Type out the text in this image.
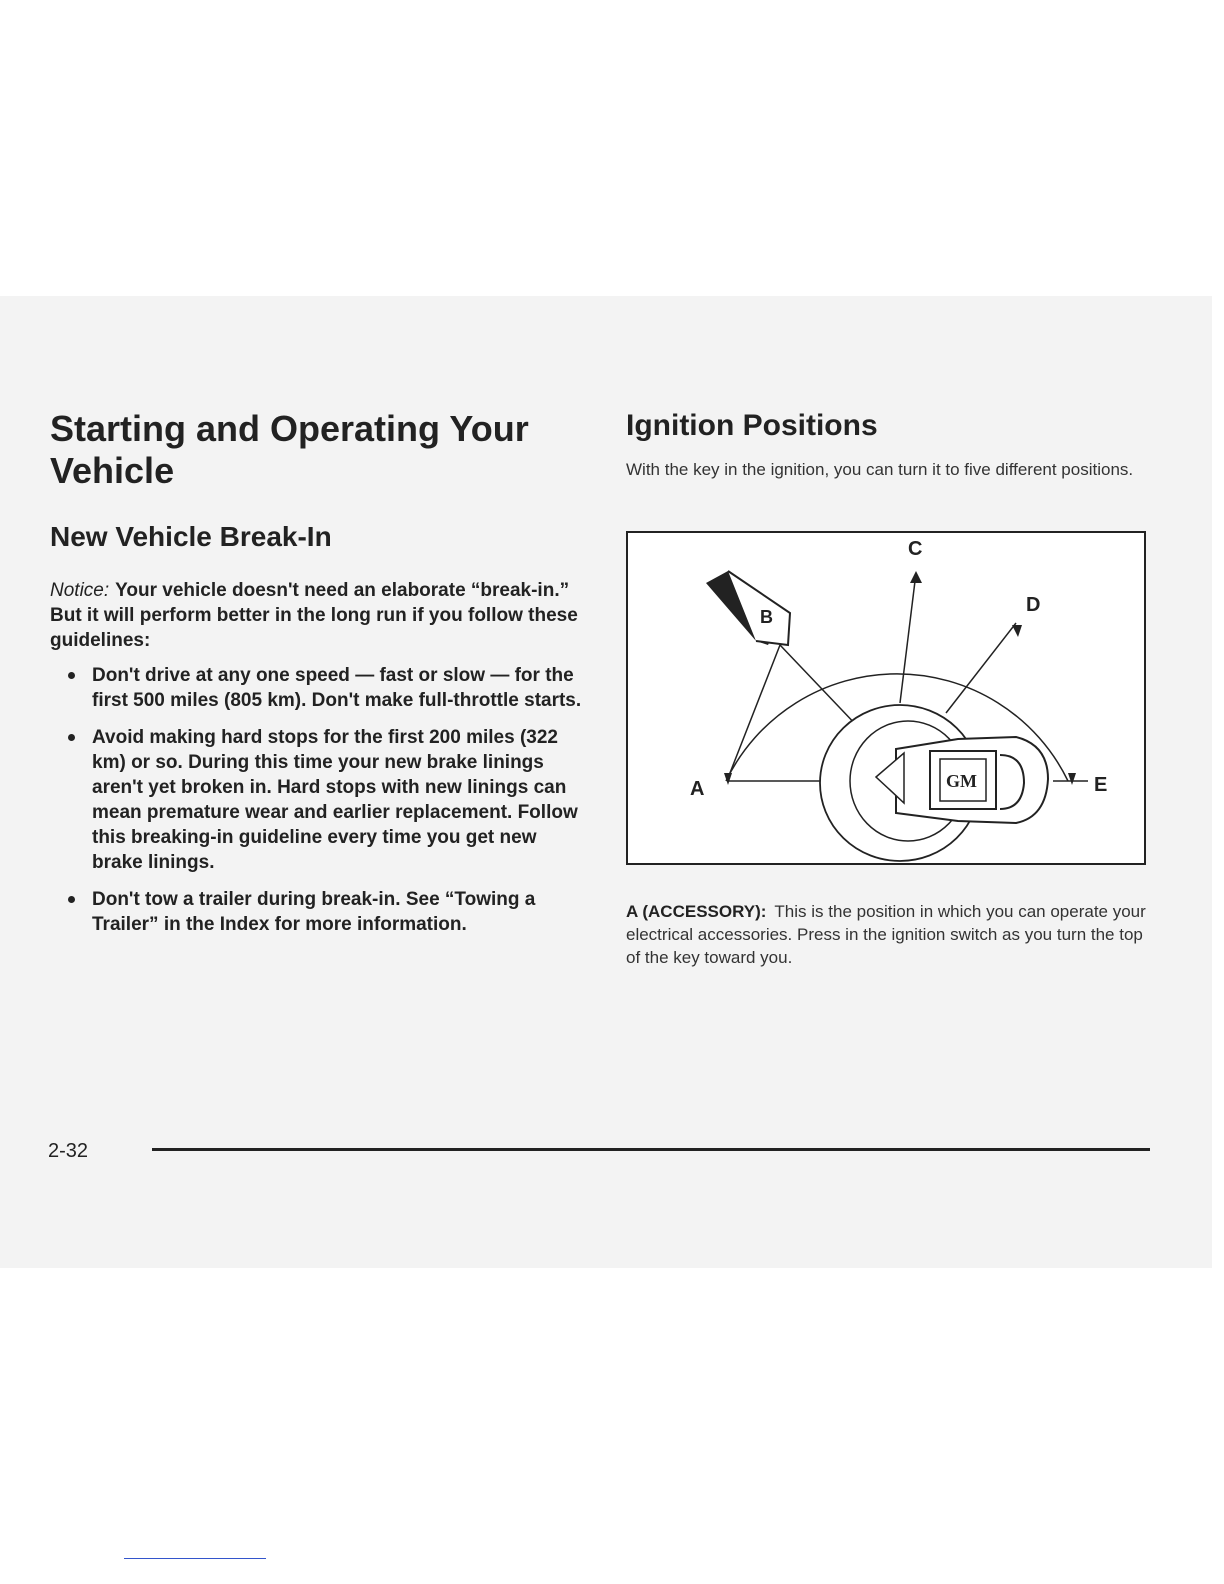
Starting and Operating Your Vehicle
New Vehicle Break-In

Notice: Your vehicle doesn't need an elaborate “break-in.” But it will perform better in the long run if you follow these guidelines:

Don't drive at any one speed — fast or slow — for the first 500 miles (805 km). Don't make full-throttle starts.
Avoid making hard stops for the first 200 miles (322 km) or so. During this time your new brake linings aren't yet broken in. Hard stops with new linings can mean premature wear and earlier replacement. Follow this breaking-in guideline every time you get new brake linings.
Don't tow a trailer during break-in. See “Towing a Trailer” in the Index for more information.
Ignition Positions

With the key in the ignition, you can turn it to five different positions.

A
B
C
D
E
GM

A (ACCESSORY): This is the position in which you can operate your electrical accessories. Press in the ignition switch as you turn the top of the key toward you.

2-32
